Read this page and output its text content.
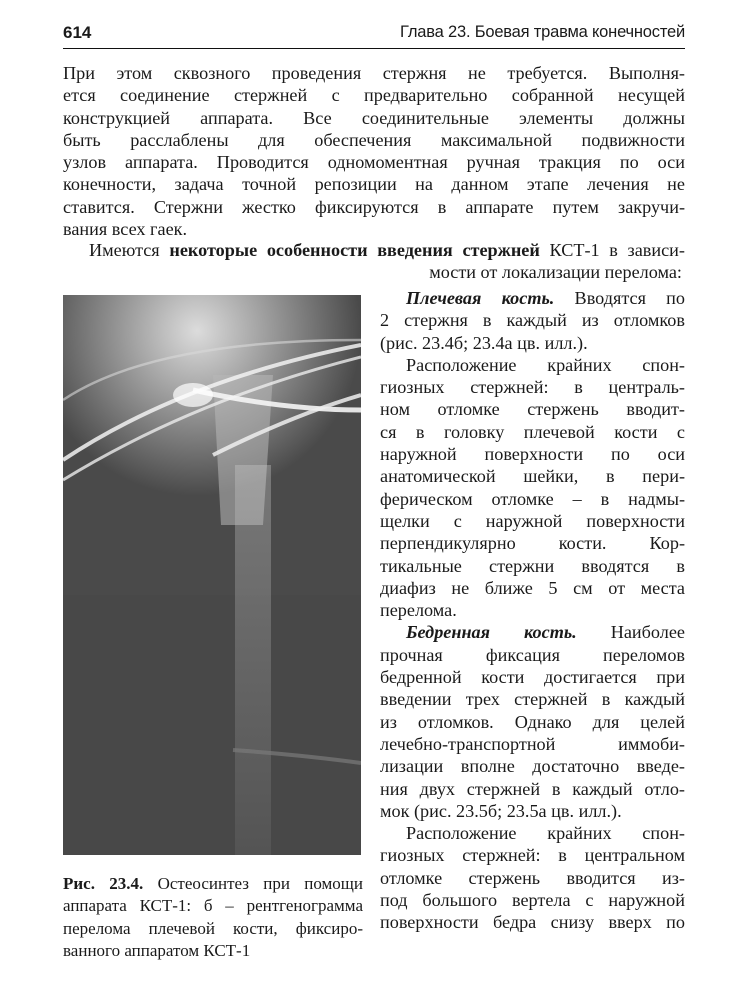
614	Глава 23. Боевая травма конечностей
При этом сквозного проведения стержня не требуется. Выполня-
ется соединение стержней с предварительно собранной несущей
конструкцией аппарата. Все соединительные элементы должны
быть расслаблены для обеспечения максимальной подвижности
узлов аппарата. Проводится одномоментная ручная тракция по оси
конечности, задача точной репозиции на данном этапе лечения не
ставится. Стержни жестко фиксируются в аппарате путем закручи-
вания всех гаек.
Имеются некоторые особенности введения стержней КСТ-1 в зависи-
мости от локализации перелома:
Плечевая кость. Вводятся по
2 стержня в каждый из отломков
(рис. 23.4б; 23.4а цв. илл.).
Расположение крайних спон-
гиозных стержней: в централь-
ном отломке стержень вводит-
ся в головку плечевой кости с
наружной поверхности по оси
анатомической шейки, в пери-
ферическом отломке – в надмы-
щелки с наружной поверхности
перпендикулярно кости. Кор-
тикальные стержни вводятся в
диафиз не ближе 5 см от места
перелома.
Бедренная кость. Наиболее
прочная фиксация переломов
бедренной кости достигается при
введении трех стержней в каждый
из отломков. Однако для целей
лечебно-транспортной иммоби-
лизации вполне достаточно введе-
ния двух стержней в каждый отло-
мок (рис. 23.5б; 23.5а цв. илл.).
Расположение крайних спон-
гиозных стержней: в центральном
отломке стержень вводится из-
под большого вертела с наружной
поверхности бедра снизу вверх по
Рис. 23.4. Остеосинтез при помощи
аппарата КСТ-1: б – рентгенограмма
перелома плечевой кости, фиксиро-
ванного аппаратом КСТ-1
